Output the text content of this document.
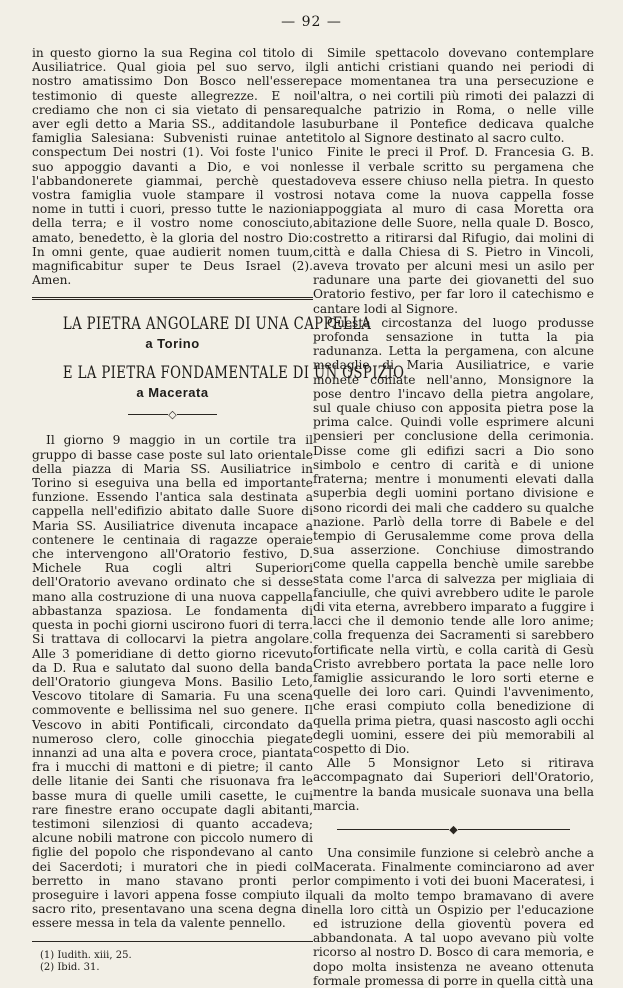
— 92 —

in questo giorno la sua Regina col titolo di Ausiliatrice. Qual gioia pel suo servo, il nostro amatissimo Don Bosco nell'essere testimonio di queste allegrezze. E noi crediamo che non ci sia vietato di pensare aver egli detto a Maria SS., additandole la famiglia Salesiana: Subvenisti ruinae ante conspectum Dei nostri (1). Voi foste l'unico suo appoggio davanti a Dio, e voi non l'abbandonerete giammai, perchè questa vostra famiglia vuole stampare il vostro nome in tutti i cuori, presso tutte le nazioni della terra; e il vostro nome conosciuto, amato, benedetto, è la gloria del nostro Dio: In omni gente, quae audierit nomen tuum, magnificabitur super te Deus Israel (2). Amen.

LA PIETRA ANGOLARE DI UNA CAPPELLA
a Torino
E LA PIETRA FONDAMENTALE DI UN OSPIZIO
a Macerata
◇

Il giorno 9 maggio in un cortile tra il gruppo di basse case poste sul lato orientale della piazza di Maria SS. Ausiliatrice in Torino si eseguiva una bella ed importante funzione. Essendo l'antica sala destinata a cappella nell'edifizio abitato dalle Suore di Maria SS. Ausiliatrice divenuta incapace a contenere le centinaia di ragazze operaie che intervengono all'Oratorio festivo, D. Michele Rua cogli altri Superiori dell'Oratorio avevano ordinato che si desse mano alla costruzione di una nuova cappella abbastanza spaziosa. Le fondamenta di questa in pochi giorni uscirono fuori di terra. Si trattava di collocarvi la pietra angolare. Alle 3 pomeridiane di detto giorno ricevuto da D. Rua e salutato dal suono della banda dell'Oratorio giungeva Mons. Basilio Leto, Vescovo titolare di Samaria. Fu una scena commovente e bellissima nel suo genere. Il Vescovo in abiti Pontificali, circondato da numeroso clero, colle ginocchia piegate innanzi ad una alta e povera croce, piantata fra i mucchi di mattoni e di pietre; il canto delle litanie dei Santi che risuonava fra le basse mura di quelle umili casette, le cui rare finestre erano occupate dagli abitanti, testimoni silenziosi di quanto accadeva; alcune nobili matrone con piccolo numero di figlie del popolo che rispondevano al canto dei Sacerdoti; i muratori che in piedi col berretto in mano stavano pronti per proseguire i lavori appena fosse compiuto il sacro rito, presentavano una scena degna di essere messa in tela da valente pennello.

(1) Iudith. xiii, 25.
(2) Ibid. 31.

Simile spettacolo dovevano contemplare gli antichi cristiani quando nei periodi di pace momentanea tra una persecuzione e l'altra, o nei cortili più rimoti dei palazzi di qualche patrizio in Roma, o nelle ville suburbane il Pontefice dedicava qualche titolo al Signore destinato al sacro culto.

Finite le preci il Prof. D. Francesia G. B. lesse il verbale scritto su pergamena che doveva essere chiuso nella pietra. In questo si notava come la nuova cappella fosse appoggiata al muro di casa Moretta ora abitazione delle Suore, nella quale D. Bosco, costretto a ritirarsi dal Rifugio, dai molini di città e dalla Chiesa di S. Pietro in Vincoli, aveva trovato per alcuni mesi un asilo per radunare una parte dei giovanetti del suo Oratorio festivo, per far loro il catechismo e cantare lodi al Signore.

Questa circostanza del luogo produsse profonda sensazione in tutta la pia radunanza. Letta la pergamena, con alcune medaglie di Maria Ausiliatrice, e varie monete coniate nell'anno, Monsignore la pose dentro l'incavo della pietra angolare, sul quale chiuso con apposita pietra pose la prima calce. Quindi volle esprimere alcuni pensieri per conclusione della cerimonia. Disse come gli edifizi sacri a Dio sono simbolo e centro di carità e di unione fraterna; mentre i monumenti elevati dalla superbia degli uomini portano divisione e sono ricordi dei mali che caddero su qualche nazione. Parlò della torre di Babele e del tempio di Gerusalemme come prova della sua asserzione. Conchiuse dimostrando come quella cappella benchè umile sarebbe stata come l'arca di salvezza per migliaia di fanciulle, che quivi avrebbero udite le parole di vita eterna, avrebbero imparato a fuggire i lacci che il demonio tende alle loro anime; colla frequenza dei Sacramenti si sarebbero fortificate nella virtù, e colla carità di Gesù Cristo avrebbero portata la pace nelle loro famiglie assicurando le loro sorti eterne e quelle dei loro cari. Quindi l'avvenimento, che erasi compiuto colla benedizione di quella prima pietra, quasi nascosto agli occhi degli uomini, essere dei più memorabili al cospetto di Dio.

Alle 5 Monsignor Leto si ritirava accompagnato dai Superiori dell'Oratorio, mentre la banda musicale suonava una bella marcia.

◆

Una consimile funzione si celebrò anche a Macerata. Finalmente cominciarono ad aver lor compimento i voti dei buoni Maceratesi, i quali da molto tempo bramavano di avere nella loro città un Ospizio per l'educazione ed istruzione della gioventù povera ed abbandonata. A tal uopo avevano più volte ricorso al nostro D. Bosco di cara memoria, e dopo molta insistenza ne aveano ottenuta formale promessa di porre in quella città una
